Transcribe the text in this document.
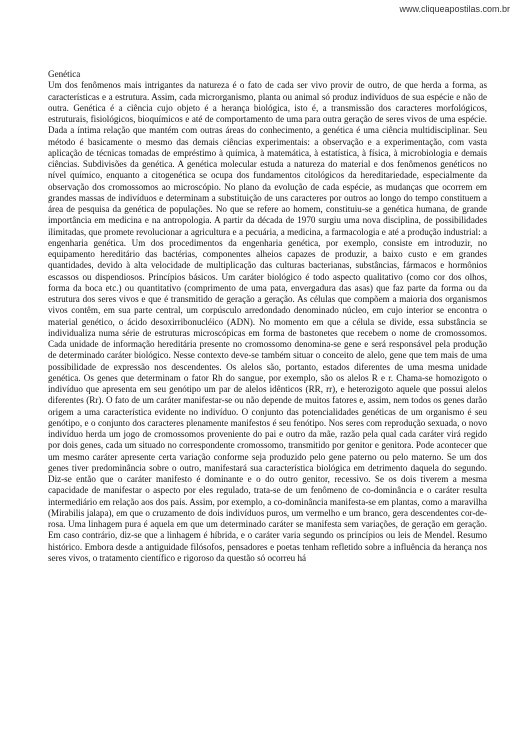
www.cliqueapostilas.com.br

Genética

Um dos fenômenos mais intrigantes da natureza é o fato de cada ser vivo provir de outro, de que herda a forma, as características e a estrutura. Assim, cada microrganismo, planta ou animal só produz indivíduos de sua espécie e não de outra. Genética é a ciência cujo objeto é a herança biológica, isto é, a transmissão dos caracteres morfológicos, estruturais, fisiológicos, bioquímicos e até de comportamento de uma para outra geração de seres vivos de uma espécie. Dada a íntima relação que mantém com outras áreas do conhecimento, a genética é uma ciência multidisciplinar. Seu método é basicamente o mesmo das demais ciências experimentais: a observação e a experimentação, com vasta aplicação de técnicas tomadas de empréstimo à química, à matemática, à estatística, à física, à microbiologia e demais ciências. Subdivisões da genética. A genética molecular estuda a natureza do material e dos fenômenos genéticos no nível químico, enquanto a citogenética se ocupa dos fundamentos citológicos da hereditariedade, especialmente da observação dos cromossomos ao microscópio. No plano da evolução de cada espécie, as mudanças que ocorrem em grandes massas de indivíduos e determinam a substituição de uns caracteres por outros ao longo do tempo constituem a área de pesquisa da genética de populações. No que se refere ao homem, constituiu-se a genética humana, de grande importância em medicina e na antropologia. A partir da década de 1970 surgiu uma nova disciplina, de possibilidades ilimitadas, que promete revolucionar a agricultura e a pecuária, a medicina, a farmacologia e até a produção industrial: a engenharia genética. Um dos procedimentos da engenharia genética, por exemplo, consiste em introduzir, no equipamento hereditário das bactérias, componentes alheios capazes de produzir, a baixo custo e em grandes quantidades, devido à alta velocidade de multiplicação das culturas bacterianas, substâncias, fármacos e hormônios escassos ou dispendiosos. Princípios básicos. Um caráter biológico é todo aspecto qualitativo (como cor dos olhos, forma da boca etc.) ou quantitativo (comprimento de uma pata, envergadura das asas) que faz parte da forma ou da estrutura dos seres vivos e que é transmitido de geração a geração. As células que compõem a maioria dos organismos vivos contêm, em sua parte central, um corpúsculo arredondado denominado núcleo, em cujo interior se encontra o material genético, o ácido desoxirribonucléico (ADN). No momento em que a célula se divide, essa substância se individualiza numa série de estruturas microscópicas em forma de bastonetes que recebem o nome de cromossomos. Cada unidade de informação hereditária presente no cromossomo denomina-se gene e será responsável pela produção de determinado caráter biológico. Nesse contexto deve-se também situar o conceito de alelo, gene que tem mais de uma possibilidade de expressão nos descendentes. Os alelos são, portanto, estados diferentes de uma mesma unidade genética. Os genes que determinam o fator Rh do sangue, por exemplo, são os alelos R e r. Chama-se homozigoto o indivíduo que apresenta em seu genótipo um par de alelos idênticos (RR, rr), e heterozigoto aquele que possui alelos diferentes (Rr). O fato de um caráter manifestar-se ou não depende de muitos fatores e, assim, nem todos os genes darão origem a uma característica evidente no indivíduo. O conjunto das potencialidades genéticas de um organismo é seu genótipo, e o conjunto dos caracteres plenamente manifestos é seu fenótipo. Nos seres com reprodução sexuada, o novo indivíduo herda um jogo de cromossomos proveniente do pai e outro da mãe, razão pela qual cada caráter virá regido por dois genes, cada um situado no correspondente cromossomo, transmitido por genitor e genitora. Pode acontecer que um mesmo caráter apresente certa variação conforme seja produzido pelo gene paterno ou pelo materno. Se um dos genes tiver predominância sobre o outro, manifestará sua característica biológica em detrimento daquela do segundo. Diz-se então que o caráter manifesto é dominante e o do outro genitor, recessivo. Se os dois tiverem a mesma capacidade de manifestar o aspecto por eles regulado, trata-se de um fenômeno de co-dominância e o caráter resulta intermediário em relação aos dos pais. Assim, por exemplo, a co-dominância manifesta-se em plantas, como a maravilha (Mirabilis jalapa), em que o cruzamento de dois indivíduos puros, um vermelho e um branco, gera descendentes cor-de-rosa. Uma linhagem pura é aquela em que um determinado caráter se manifesta sem variações, de geração em geração. Em caso contrário, diz-se que a linhagem é híbrida, e o caráter varia segundo os princípios ou leis de Mendel. Resumo histórico. Embora desde a antiguidade filósofos, pensadores e poetas tenham refletido sobre a influência da herança nos seres vivos, o tratamento científico e rigoroso da questão só ocorreu há
